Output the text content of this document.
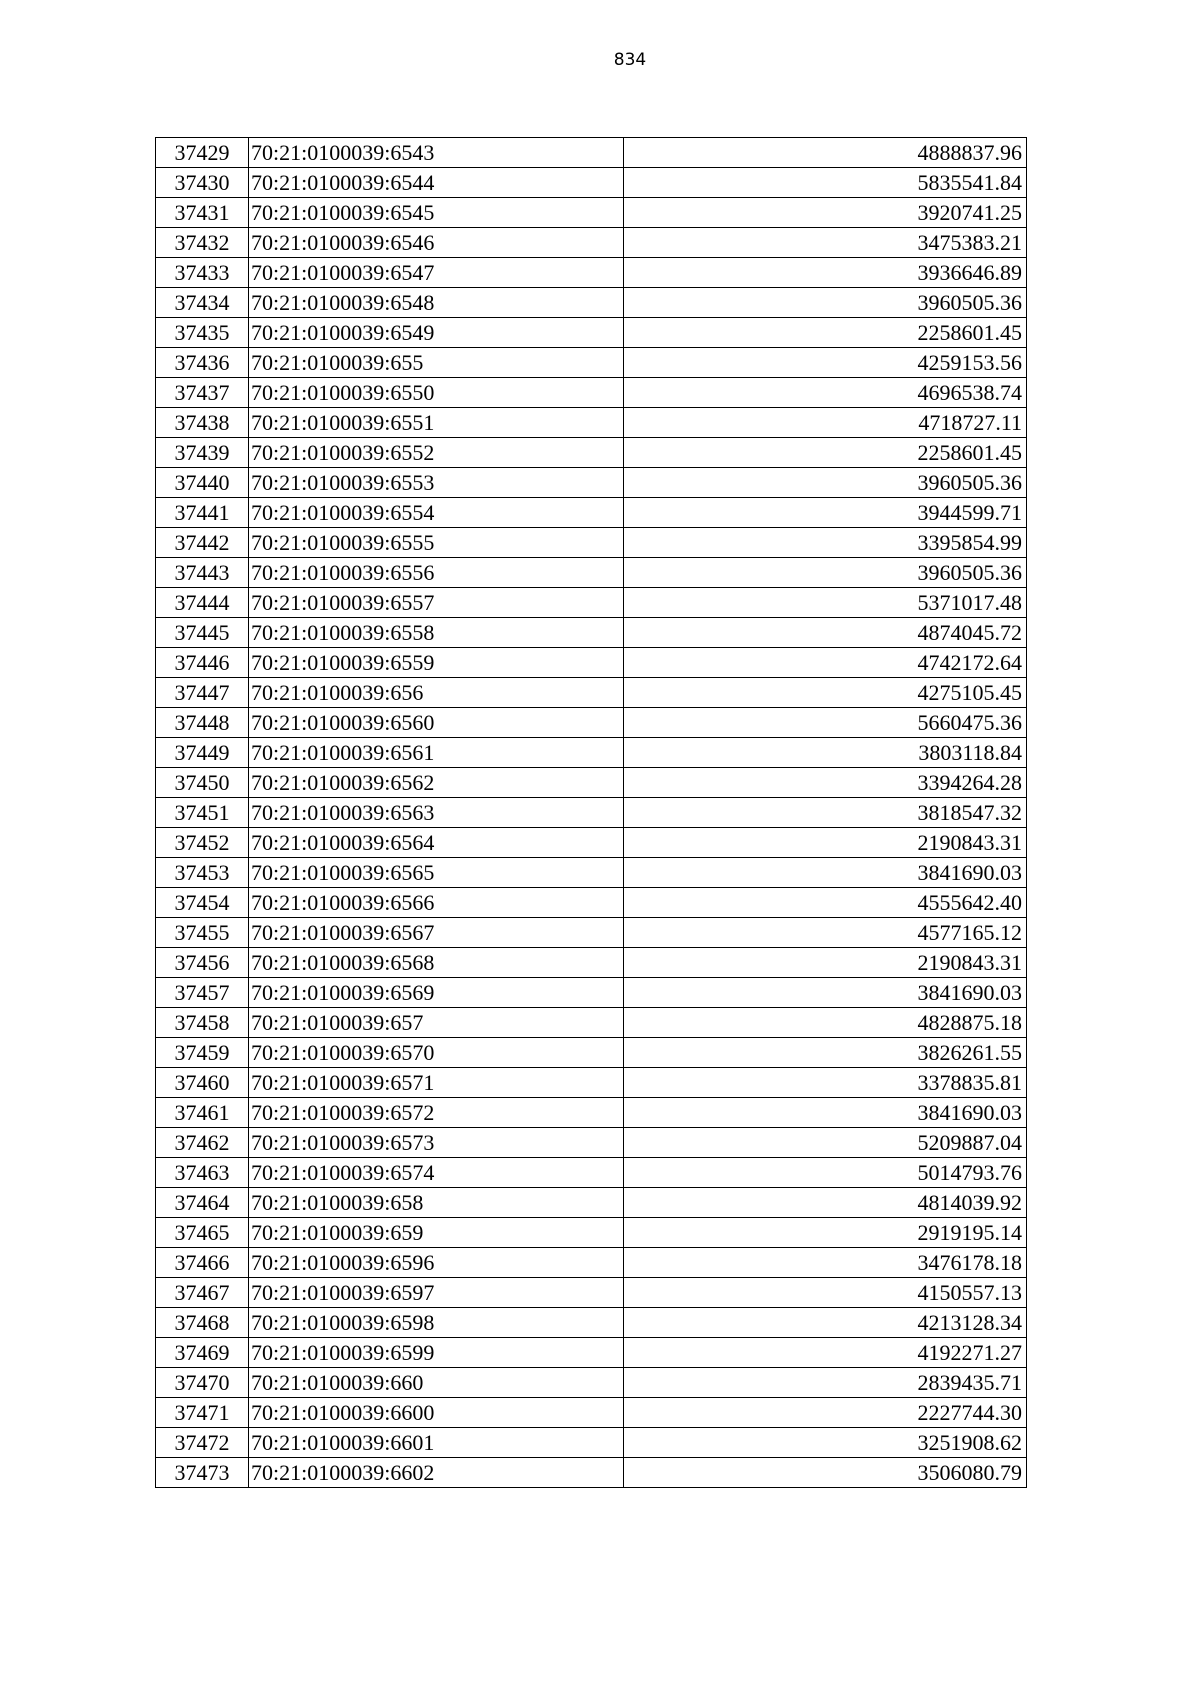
834
37429	70:21:0100039:6543	4888837.96
37430	70:21:0100039:6544	5835541.84
37431	70:21:0100039:6545	3920741.25
37432	70:21:0100039:6546	3475383.21
37433	70:21:0100039:6547	3936646.89
37434	70:21:0100039:6548	3960505.36
37435	70:21:0100039:6549	2258601.45
37436	70:21:0100039:655	4259153.56
37437	70:21:0100039:6550	4696538.74
37438	70:21:0100039:6551	4718727.11
37439	70:21:0100039:6552	2258601.45
37440	70:21:0100039:6553	3960505.36
37441	70:21:0100039:6554	3944599.71
37442	70:21:0100039:6555	3395854.99
37443	70:21:0100039:6556	3960505.36
37444	70:21:0100039:6557	5371017.48
37445	70:21:0100039:6558	4874045.72
37446	70:21:0100039:6559	4742172.64
37447	70:21:0100039:656	4275105.45
37448	70:21:0100039:6560	5660475.36
37449	70:21:0100039:6561	3803118.84
37450	70:21:0100039:6562	3394264.28
37451	70:21:0100039:6563	3818547.32
37452	70:21:0100039:6564	2190843.31
37453	70:21:0100039:6565	3841690.03
37454	70:21:0100039:6566	4555642.40
37455	70:21:0100039:6567	4577165.12
37456	70:21:0100039:6568	2190843.31
37457	70:21:0100039:6569	3841690.03
37458	70:21:0100039:657	4828875.18
37459	70:21:0100039:6570	3826261.55
37460	70:21:0100039:6571	3378835.81
37461	70:21:0100039:6572	3841690.03
37462	70:21:0100039:6573	5209887.04
37463	70:21:0100039:6574	5014793.76
37464	70:21:0100039:658	4814039.92
37465	70:21:0100039:659	2919195.14
37466	70:21:0100039:6596	3476178.18
37467	70:21:0100039:6597	4150557.13
37468	70:21:0100039:6598	4213128.34
37469	70:21:0100039:6599	4192271.27
37470	70:21:0100039:660	2839435.71
37471	70:21:0100039:6600	2227744.30
37472	70:21:0100039:6601	3251908.62
37473	70:21:0100039:6602	3506080.79
